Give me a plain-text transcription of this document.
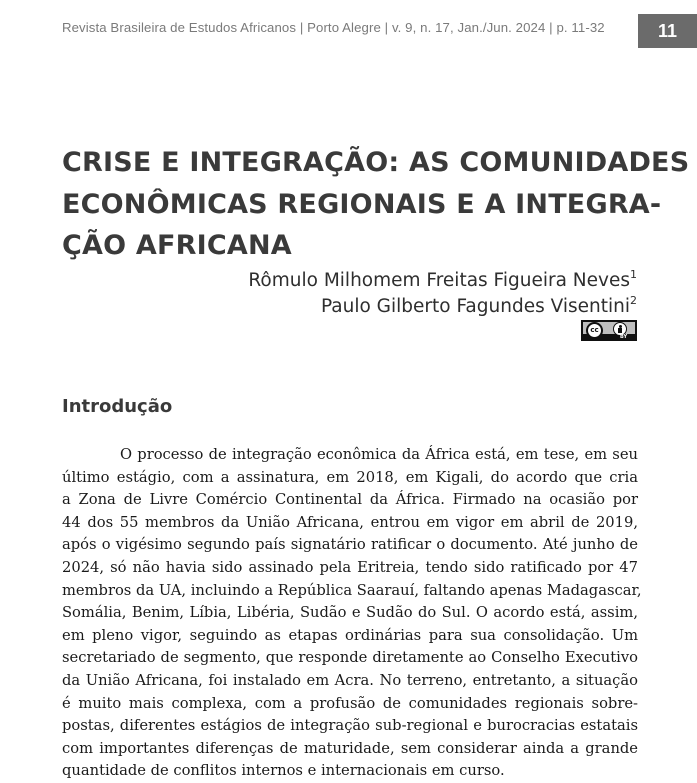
Revista Brasileira de Estudos Africanos | Porto Alegre | v. 9, n. 17, Jan./Jun. 2024 | p. 11-32	11
CRISE E INTEGRAÇÃO: AS COMUNIDADES
ECONÔMICAS REGIONAIS E A INTEGRA-
ÇÃO AFRICANA
Rômulo Milhomem Freitas Figueira Neves$^1$
Paulo Gilberto Fagundes Visentini$^2$
cc
BY
Introdução
O processo de integração econômica da África está, em tese, em seu
último estágio, com a assinatura, em 2018, em Kigali, do acordo que cria
a Zona de Livre Comércio Continental da África. Firmado na ocasião por
44 dos 55 membros da União Africana, entrou em vigor em abril de 2019,
após o vigésimo segundo país signatário ratificar o documento. Até junho de
2024, só não havia sido assinado pela Eritreia, tendo sido ratificado por 47
membros da UA, incluindo a República Saarauí, faltando apenas Madagascar,
Somália, Benim, Líbia, Libéria, Sudão e Sudão do Sul. O acordo está, assim,
em pleno vigor, seguindo as etapas ordinárias para sua consolidação. Um
secretariado de segmento, que responde diretamente ao Conselho Executivo
da União Africana, foi instalado em Acra. No terreno, entretanto, a situação
é muito mais complexa, com a profusão de comunidades regionais sobre-
postas, diferentes estágios de integração sub-regional e burocracias estatais
com importantes diferenças de maturidade, sem considerar ainda a grande
quantidade de conflitos internos e internacionais em curso.
